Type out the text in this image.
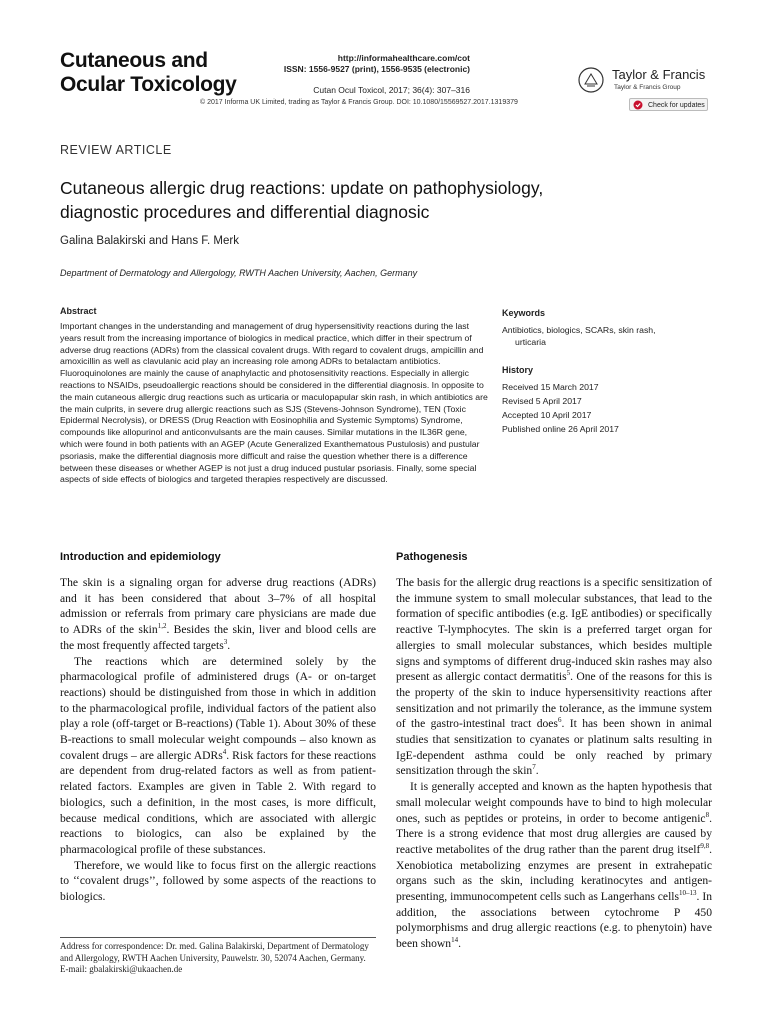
Cutaneous and
Ocular Toxicology
http://informahealthcare.com/cot
ISSN: 1556-9527 (print), 1556-9535 (electronic)
Cutan Ocul Toxicol, 2017; 36(4): 307–316
© 2017 Informa UK Limited, trading as Taylor & Francis Group. DOI: 10.1080/15569527.2017.1319379
Taylor & Francis
Taylor & Francis Group
Check for updates
REVIEW ARTICLE
Cutaneous allergic drug reactions: update on pathophysiology,
diagnostic procedures and differential diagnosic
Galina Balakirski and Hans F. Merk
Department of Dermatology and Allergology, RWTH Aachen University, Aachen, Germany
Abstract
Important changes in the understanding and management of drug hypersensitivity reactions during the last years result from the increasing importance of biologics in medical practice, which differ in their spectrum of adverse drug reactions (ADRs) from the classical covalent drugs. With regard to covalent drugs, ampicillin and amoxicillin as well as clavulanic acid play an increasing role among ADRs to betalactam antibiotics. Fluoroquinolones are mainly the cause of anaphylactic and photosensitivity reactions. Especially in allergic reactions to NSAIDs, pseudoallergic reactions should be considered in the differential diagnosis. In opposite to the main cutaneous allergic drug reactions such as urticaria or maculopapular skin rash, in which antibiotics are the main culprits, in severe drug allergic reactions such as SJS (Stevens-Johnson Syndrome), TEN (Toxic Epidermal Necrolysis), or DRESS (Drug Reaction with Eosinophilia and Systemic Symptoms) Syndrome, compounds like allopurinol and anticonvulsants are the main causes. Similar mutations in the IL36R gene, which were found in both patients with an AGEP (Acute Generalized Exanthematous Pustulosis) and pustular psoriasis, make the differential diagnosis more difficult and raise the question whether there is a difference between these diseases or whether AGEP is not just a drug induced pustular psoriasis. Finally, some special aspects of side effects of biologics and targeted therapies respectively are discussed.
Keywords
Antibiotics, biologics, SCARs, skin rash,
urticaria
History
Received 15 March 2017
Revised 5 April 2017
Accepted 10 April 2017
Published online 26 April 2017
Introduction and epidemiology

The skin is a signaling organ for adverse drug reactions (ADRs) and it has been considered that about 3–7% of all hospital admission or referrals from primary care physicians are made due to ADRs of the skin$^{1,2}$. Besides the skin, liver and blood cells are the most frequently affected targets$^3$.

The reactions which are determined solely by the pharmacological profile of administered drugs (A- or on-target reactions) should be distinguished from those in which in addition to the pharmacological profile, individual factors of the patient also play a role (off-target or B-reactions) (Table 1). About 30% of these B-reactions to small molecular weight compounds – also known as covalent drugs – are allergic ADRs$^4$. Risk factors for these reactions are dependent from drug-related factors as well as from patient-related factors. Examples are given in Table 2. With regard to biologics, such a definition, in the most cases, is more difficult, because medical conditions, which are associated with allergic reactions to biologics, can also be explained by the pharmacological profile of these substances.

Therefore, we would like to focus first on the allergic reactions to ‘‘covalent drugs’’, followed by some aspects of the reactions to biologics.

Address for correspondence: Dr. med. Galina Balakirski, Department of Dermatology and Allergology, RWTH Aachen University, Pauwelstr. 30, 52074 Aachen, Germany. E-mail: gbalakirski@ukaachen.de
Pathogenesis

The basis for the allergic drug reactions is a specific sensitization of the immune system to small molecular substances, that lead to the formation of specific antibodies (e.g. IgE antibodies) or specifically reactive T-lymphocytes. The skin is a preferred target organ for allergies to small molecular substances, which besides multiple signs and symptoms of different drug-induced skin rashes may also present as allergic contact dermatitis$^5$. One of the reasons for this is the property of the skin to induce hypersensitivity reactions after sensitization and not primarily the tolerance, as the immune system of the gastro-intestinal tract does$^6$. It has been shown in animal studies that sensitization to cyanates or platinum salts resulting in IgE-dependent asthma could be only reached by primary sensitization through the skin$^7$.

It is generally accepted and known as the hapten hypothesis that small molecular weight compounds have to bind to high molecular ones, such as peptides or proteins, in order to become antigenic$^8$. There is a strong evidence that most drug allergies are caused by reactive metabolites of the drug rather than the parent drug itself$^{9,8}$. Xenobiotica metabolizing enzymes are present in extrahepatic organs such as the skin, including keratinocytes and antigen-presenting, immunocompetent cells such as Langerhans cells$^{10-13}$. In addition, the associations between cytochrome P 450 polymorphisms and drug allergic reactions (e.g. to phenytoin) have been shown$^{14}$.
